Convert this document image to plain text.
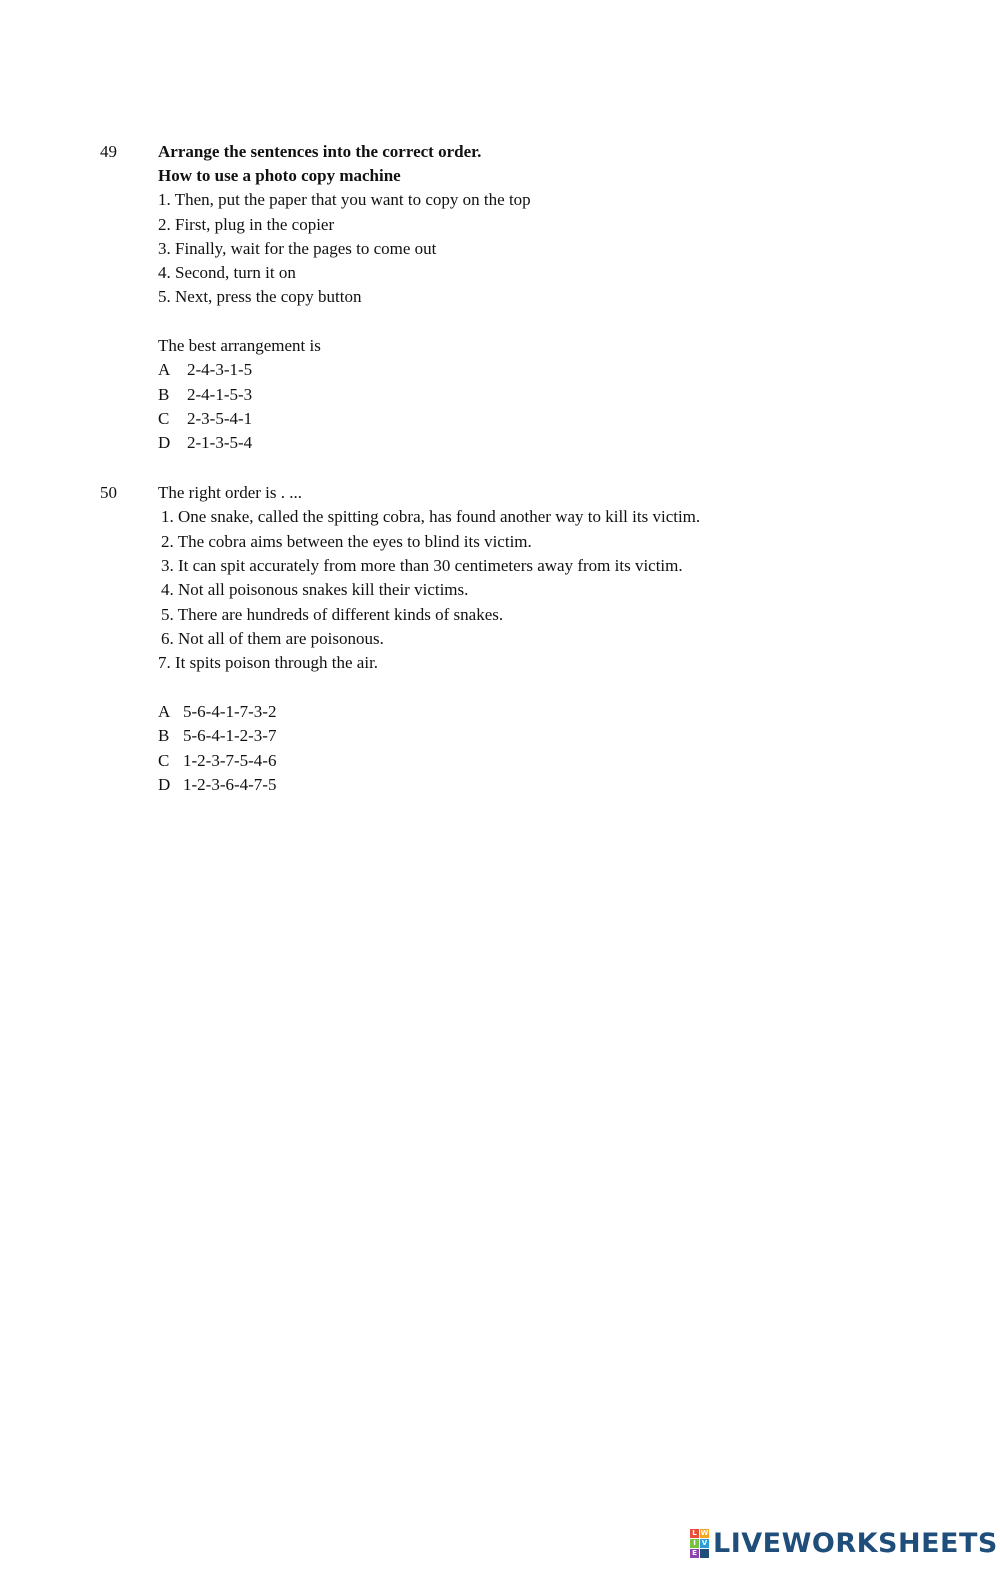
49 Arrange the sentences into the correct order.
How to use a photo copy machine
1. Then, put the paper that you want to copy on the top
2. First, plug in the copier
3. Finally, wait for the pages to come out
4. Second, turn it on
5. Next, press the copy button
The best arrangement is
A 2-4-3-1-5
B 2-4-1-5-3
C 2-3-5-4-1
D 2-1-3-5-4
50 The right order is . ...
1. One snake, called the spitting cobra, has found another way to kill its victim.
2. The cobra aims between the eyes to blind its victim.
3. It can spit accurately from more than 30 centimeters away from its victim.
4. Not all poisonous snakes kill their victims.
5. There are hundreds of different kinds of snakes.
6. Not all of them are poisonous.
7. It spits poison through the air.
A 5-6-4-1-7-3-2
B 5-6-4-1-2-3-7
C 1-2-3-7-5-4-6
D 1-2-3-6-4-7-5
L W
I V
E LIVEWORKSHEETS
